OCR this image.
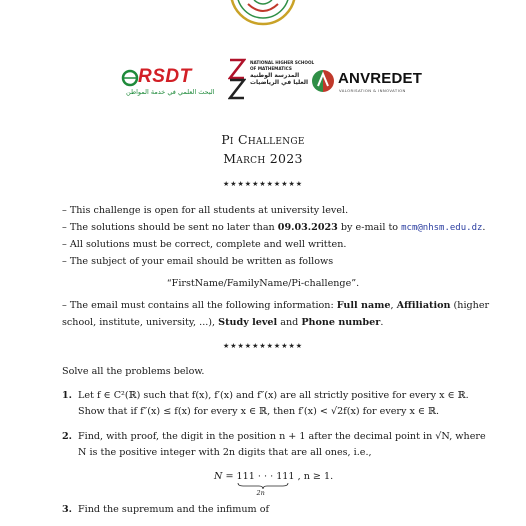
RSDT
البحث العلمي في خدمة المواطن
NATIONAL HIGHER SCHOOL
OF MATHEMATICS
المدرسة الوطنية
العليا في الرياضيات	ANVREDET
VALORISATION & INNOVATION
Pi Challenge
March 2023
★★★★★★★★★★★
– This challenge is open for all students at university level.
– The solutions should be sent no later than 09.03.2023 by e-mail to mcm@nhsm.edu.dz.
– All solutions must be correct, complete and well written.
– The subject of your email should be written as follows
“FirstName/FamilyName/Pi-challenge”.
– The email must contains all the following information: Full name, Affiliation (higher
school, institute, university, ...), Study level and Phone number.
★★★★★★★★★★★
Solve all the problems below.
1. Let f ∈ C²(ℝ) such that f(x), f′(x) and f″(x) are all strictly positive for every x ∈ ℝ.
Show that if f″(x) ≤ f(x) for every x ∈ ℝ, then f′(x) < √2f(x) for every x ∈ ℝ.
2. Find, with proof, the digit in the position n + 1 after the decimal point in √N, where
N is the positive integer with 2n digits that are all ones, i.e.,
N = 111 · · · 111
2n
, n ≥ 1.
3. Find the supremum and the infimum of
